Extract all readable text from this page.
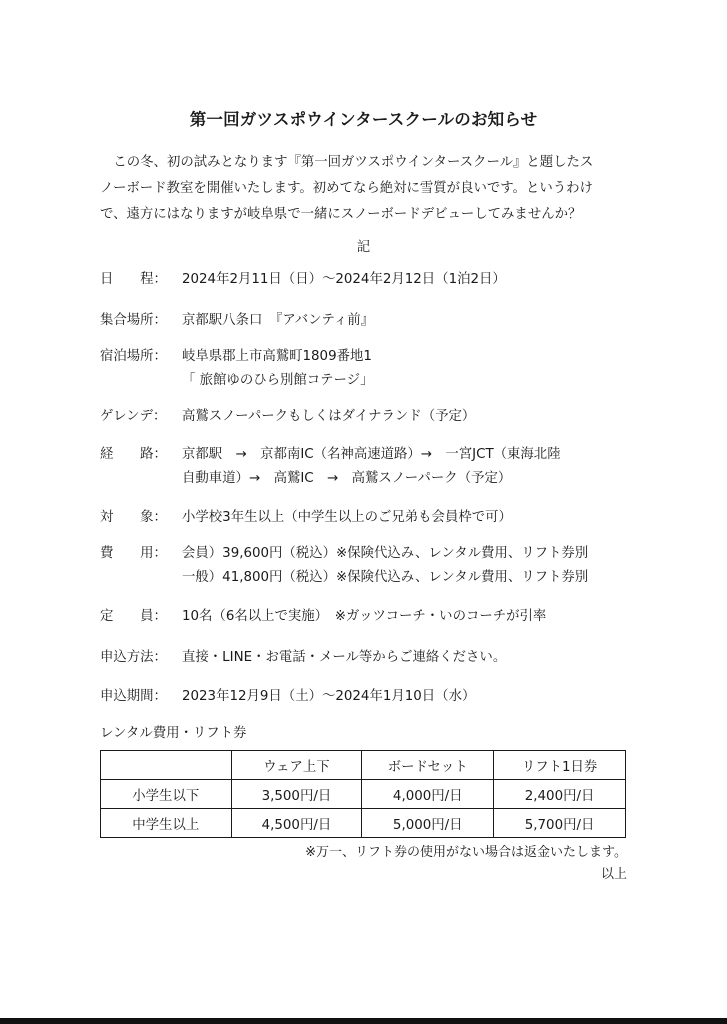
第一回ガツスポウインタースクールのお知らせ
　この冬、初の試みとなります『第一回ガツスポウインタースクール』と題したス
ノーボード教室を開催いたします。初めてなら絶対に雪質が良いです。というわけ
で、遠方にはなりますが岐阜県で一緒にスノーボードデビューしてみませんか？
記
日　　程：	2024年2月11日（日）〜2024年2月12日（1泊2日）
集合場所：	京都駅八条口　『アバンティ前』
宿泊場所：	岐阜県郡上市高鷲町1809番地1
「 旅館ゆのひら別館コテージ」
ゲレンデ：	高鷲スノーパークもしくはダイナランド（予定）
経　　路：	京都駅　→　京都南IC（名神高速道路）→　一宮JCT（東海北陸
自動車道）→　高鷲IC　→　高鷲スノーパーク（予定）
対　　象：	小学校3年生以上（中学生以上のご兄弟も会員枠で可）
費　　用：	会員）39,600円（税込）※保険代込み、レンタル費用、リフト券別
一般）41,800円（税込）※保険代込み、レンタル費用、リフト券別
定　　員：	10名（6名以上で実施）　※ガッツコーチ・いのコーチが引率
申込方法：	直接・LINE・お電話・メール等からご連絡ください。
申込期間：	2023年12月9日（土）〜2024年1月10日（水）
レンタル費用・リフト券
	ウェア上下	ボードセット	リフト1日券
小学生以下	3,500円/日	4,000円/日	2,400円/日
中学生以上	4,500円/日	5,000円/日	5,700円/日
※万一、リフト券の使用がない場合は返金いたします。
以上
